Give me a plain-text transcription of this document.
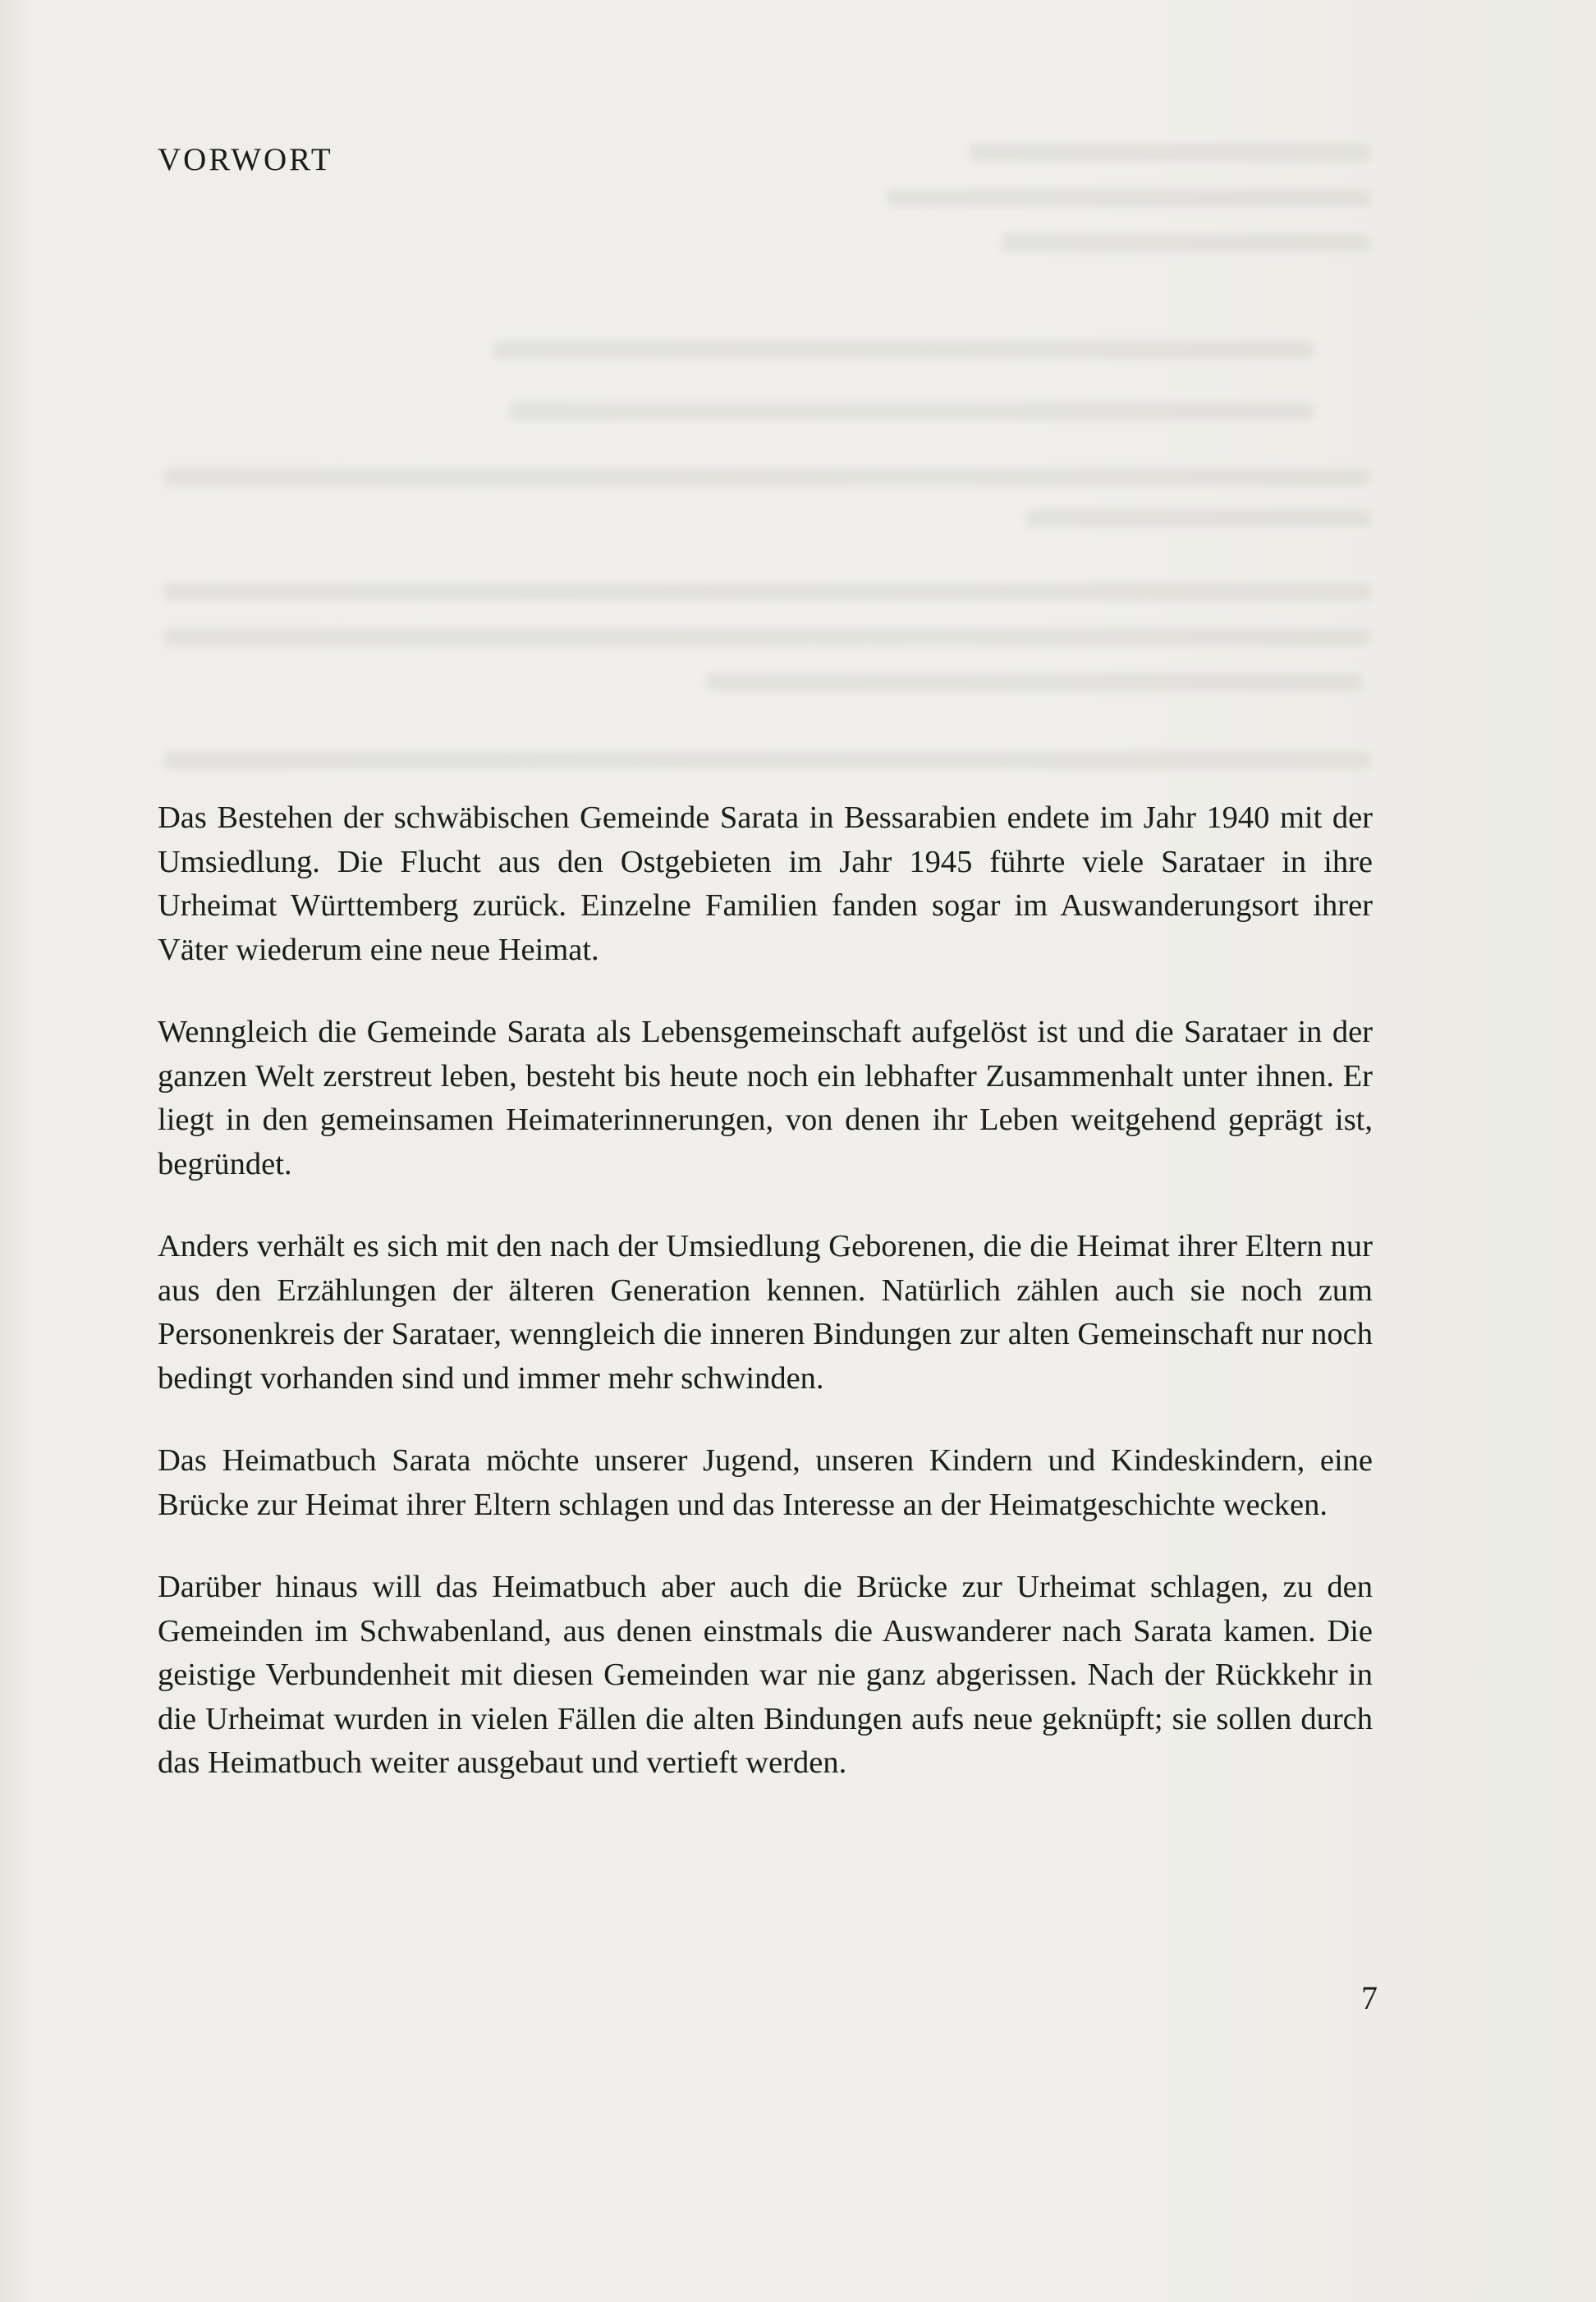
VORWORT

Das Bestehen der schwäbischen Gemeinde Sarata in Bessarabien endete im Jahr 1940 mit der Umsiedlung. Die Flucht aus den Ostgebieten im Jahr 1945 führte viele Sarataer in ihre Urheimat Württemberg zurück. Einzelne Familien fanden sogar im Auswanderungsort ihrer Väter wiederum eine neue Heimat.

Wenngleich die Gemeinde Sarata als Lebensgemeinschaft aufgelöst ist und die Sarataer in der ganzen Welt zerstreut leben, besteht bis heute noch ein lebhafter Zusammenhalt unter ihnen. Er liegt in den gemeinsamen Heimaterinnerungen, von denen ihr Leben weitgehend geprägt ist, begründet.

Anders verhält es sich mit den nach der Umsiedlung Geborenen, die die Heimat ihrer Eltern nur aus den Erzählungen der älteren Generation kennen. Natürlich zählen auch sie noch zum Personenkreis der Sarataer, wenngleich die inneren Bindungen zur alten Gemeinschaft nur noch bedingt vorhanden sind und immer mehr schwinden.

Das Heimatbuch Sarata möchte unserer Jugend, unseren Kindern und Kindeskindern, eine Brücke zur Heimat ihrer Eltern schlagen und das Interesse an der Heimatgeschichte wecken.

Darüber hinaus will das Heimatbuch aber auch die Brücke zur Urheimat schlagen, zu den Gemeinden im Schwabenland, aus denen einstmals die Auswanderer nach Sarata kamen. Die geistige Verbundenheit mit diesen Gemeinden war nie ganz abgerissen. Nach der Rückkehr in die Urheimat wurden in vielen Fällen die alten Bindungen aufs neue geknüpft; sie sollen durch das Heimatbuch weiter ausgebaut und vertieft werden.

7
